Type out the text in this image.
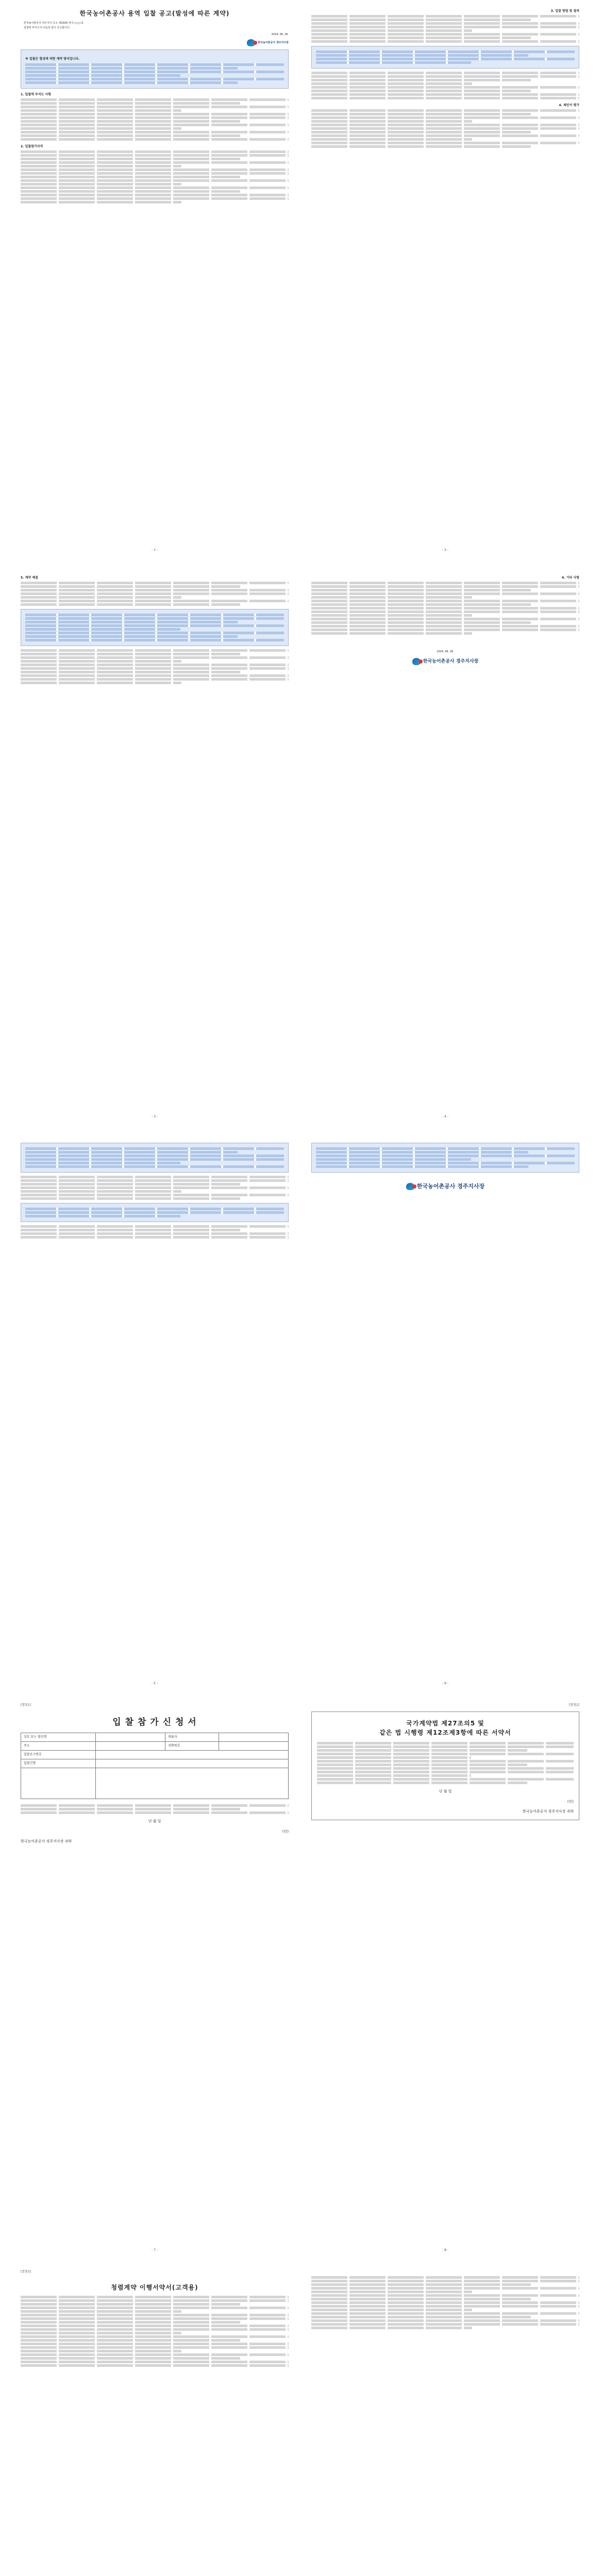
한국농어촌공사 용역 입찰 공고(발성에 따른 계약)
한국농어촌공사 경주지사 공고 제2024-경주-○○○호
입찰에 부치고자 다음과 같이 공고합니다.
2024. 06. 26.
한국농어촌공사 경주지사장
※ 입찰은 협상에 의한 계약 방식입니다.
1. 입찰에 부치는 사항
2. 입찰참가자격
- 1 -
3. 입찰 방법 및 절차
4. 제안서 평가
- 2 -
5. 계약 체결
- 3 -
6. 기타 사항
2024. 06. 26.
한국농어촌공사 경주지사장
- 4 -
- 5 -
한국농어촌공사 경주지사장
- 6 -
[별첨1]
입 찰 참 가 신 청 서
상호 또는 법인명		대표자	
주소		전화번호	
입찰공고번호			
입찰건명			

년 월 일
(인)
한국농어촌공사 경주지사장 귀하
- 7 -
[별첨2]
국가계약법 제27조의5 및
같은 법 시행령 제12조제3항에 따른 서약서
년 월 일
(인)
한국농어촌공사 경주지사장 귀하
- 8 -
[별첨3]
청렴계약 이행서약서(고객용)
